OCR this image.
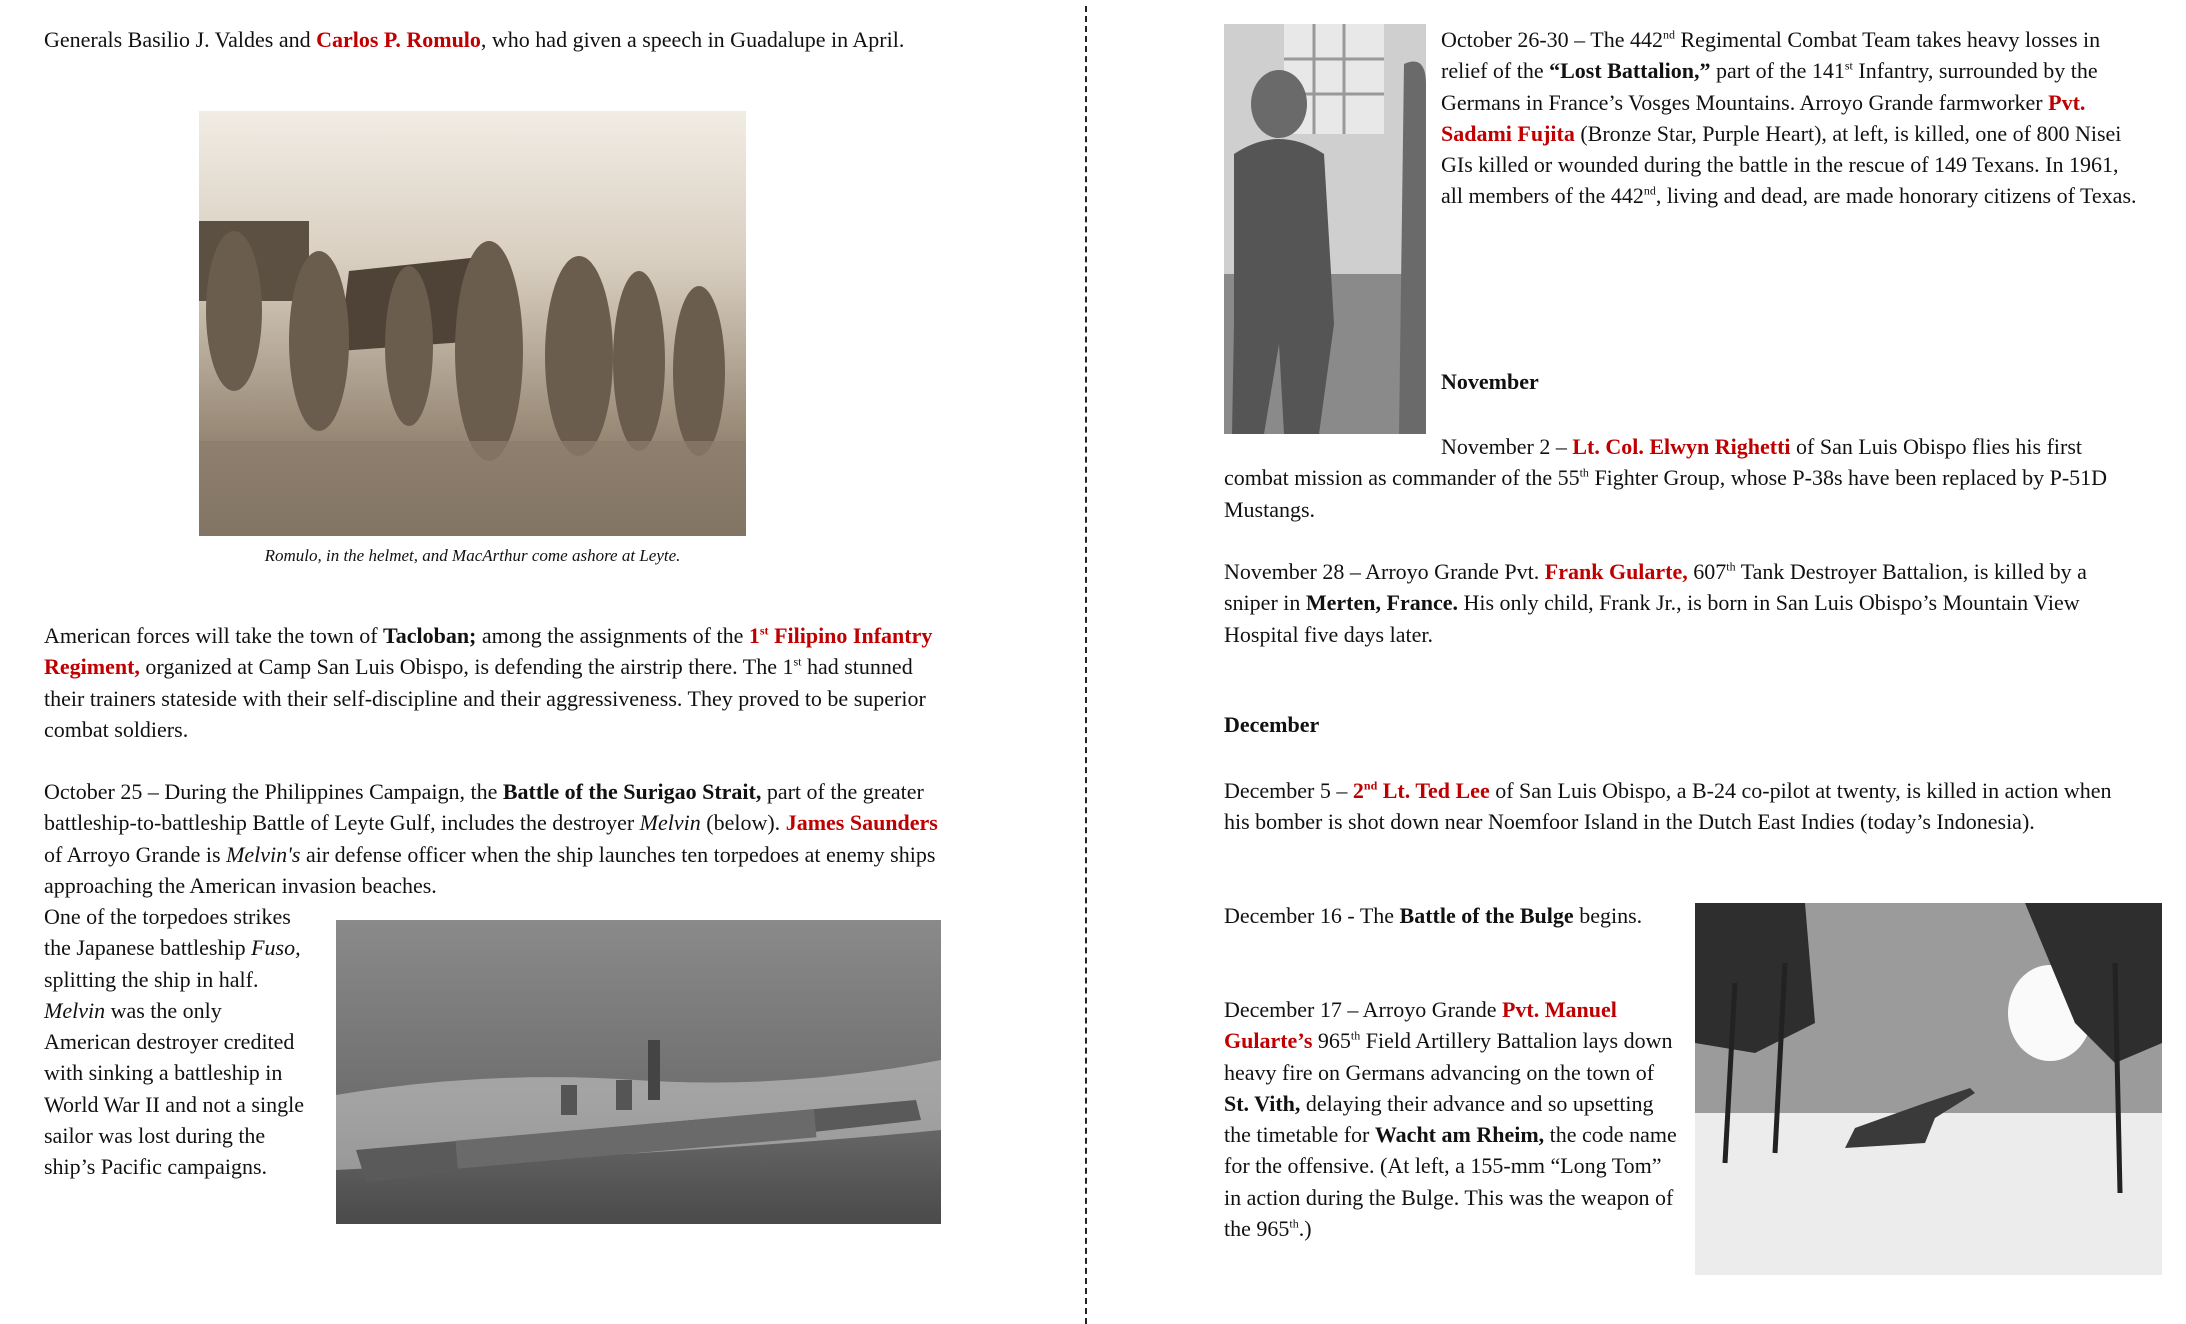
Generals Basilio J. Valdes and Carlos P. Romulo, who had given a speech in Guadalupe in April.

Romulo, in the helmet, and MacArthur come ashore at Leyte.

American forces will take the town of Tacloban; among the assignments of the 1st Filipino Infantry Regiment, organized at Camp San Luis Obispo, is defending the airstrip there. The 1st had stunned their trainers stateside with their self-discipline and their aggressiveness. They proved to be superior combat soldiers.

October 25 – During the Philippines Campaign, the Battle of the Surigao Strait, part of the greater battleship-to-battleship Battle of Leyte Gulf, includes the destroyer Melvin (below). James Saunders of Arroyo Grande is Melvin's air defense officer when the ship launches ten torpedoes at enemy ships approaching the American invasion beaches.

One of the torpedoes strikes the Japanese battleship Fuso, splitting the ship in half. Melvin was the only American destroyer credited with sinking a battleship in World War II and not a single sailor was lost during the ship’s Pacific campaigns.

October 26-30 – The 442nd Regimental Combat Team takes heavy losses in relief of the “Lost Battalion,” part of the 141st Infantry, surrounded by the Germans in France’s Vosges Mountains. Arroyo Grande farmworker Pvt. Sadami Fujita (Bronze Star, Purple Heart), at left, is killed, one of 800 Nisei GIs killed or wounded during the battle in the rescue of 149 Texans. In 1961, all members of the 442nd, living and dead, are made honorary citizens of Texas.

November

November 2 – Lt. Col. Elwyn Righetti of San Luis Obispo flies his first combat mission as commander of the 55th Fighter Group, whose P-38s have been replaced by P-51D Mustangs.

November 28 – Arroyo Grande Pvt. Frank Gularte, 607th Tank Destroyer Battalion, is killed by a sniper in Merten, France. His only child, Frank Jr., is born in San Luis Obispo’s Mountain View Hospital five days later.

December

December 5 – 2nd Lt. Ted Lee of San Luis Obispo, a B-24 co-pilot at twenty, is killed in action when his bomber is shot down near Noemfoor Island in the Dutch East Indies (today’s Indonesia).

December 16 - The Battle of the Bulge begins.

December 17 – Arroyo Grande Pvt. Manuel Gularte’s 965th Field Artillery Battalion lays down heavy fire on Germans advancing on the town of St. Vith, delaying their advance and so upsetting the timetable for Wacht am Rheim, the code name for the offensive. (At left, a 155-mm “Long Tom” in action during the Bulge. This was the weapon of the 965th.)
